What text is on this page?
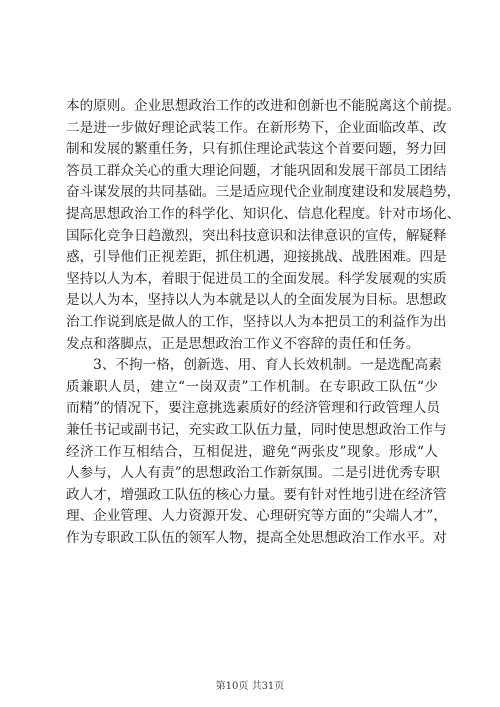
本的原则。企业思想政治工作的改进和创新也不能脱离这个前提。
二是进一步做好理论武装工作。在新形势下，企业面临改革、改
制和发展的繁重任务，只有抓住理论武装这个首要问题，努力回
答员工群众关心的重大理论问题，才能巩固和发展干部员工团结
奋斗谋发展的共同基础。三是适应现代企业制度建设和发展趋势，
提高思想政治工作的科学化、知识化、信息化程度。针对市场化、
国际化竞争日趋激烈，突出科技意识和法律意识的宣传，解疑释
惑，引导他们正视差距，抓住机遇，迎接挑战、战胜困难。四是
坚持以人为本，着眼于促进员工的全面发展。科学发展观的实质
是以人为本，坚持以人为本就是以人的全面发展为目标。思想政
治工作说到底是做人的工作，坚持以人为本把员工的利益作为出
发点和落脚点，正是思想政治工作义不容辞的责任和任务。
　　3、不拘一格，创新选、用、育人长效机制。一是选配高素
质兼职人员，建立“一岗双责”工作机制。在专职政工队伍“少
而精”的情况下，要注意挑选素质好的经济管理和行政管理人员
兼任书记或副书记，充实政工队伍力量，同时使思想政治工作与
经济工作互相结合，互相促进，避免“两张皮”现象。形成“人
人参与，人人有责”的思想政治工作新氛围。二是引进优秀专职
政人才，增强政工队伍的核心力量。要有针对性地引进在经济管
理、企业管理、人力资源开发、心理研究等方面的“尖端人才”，
作为专职政工队伍的领军人物，提高全处思想政治工作水平。对
第10页 共31页
